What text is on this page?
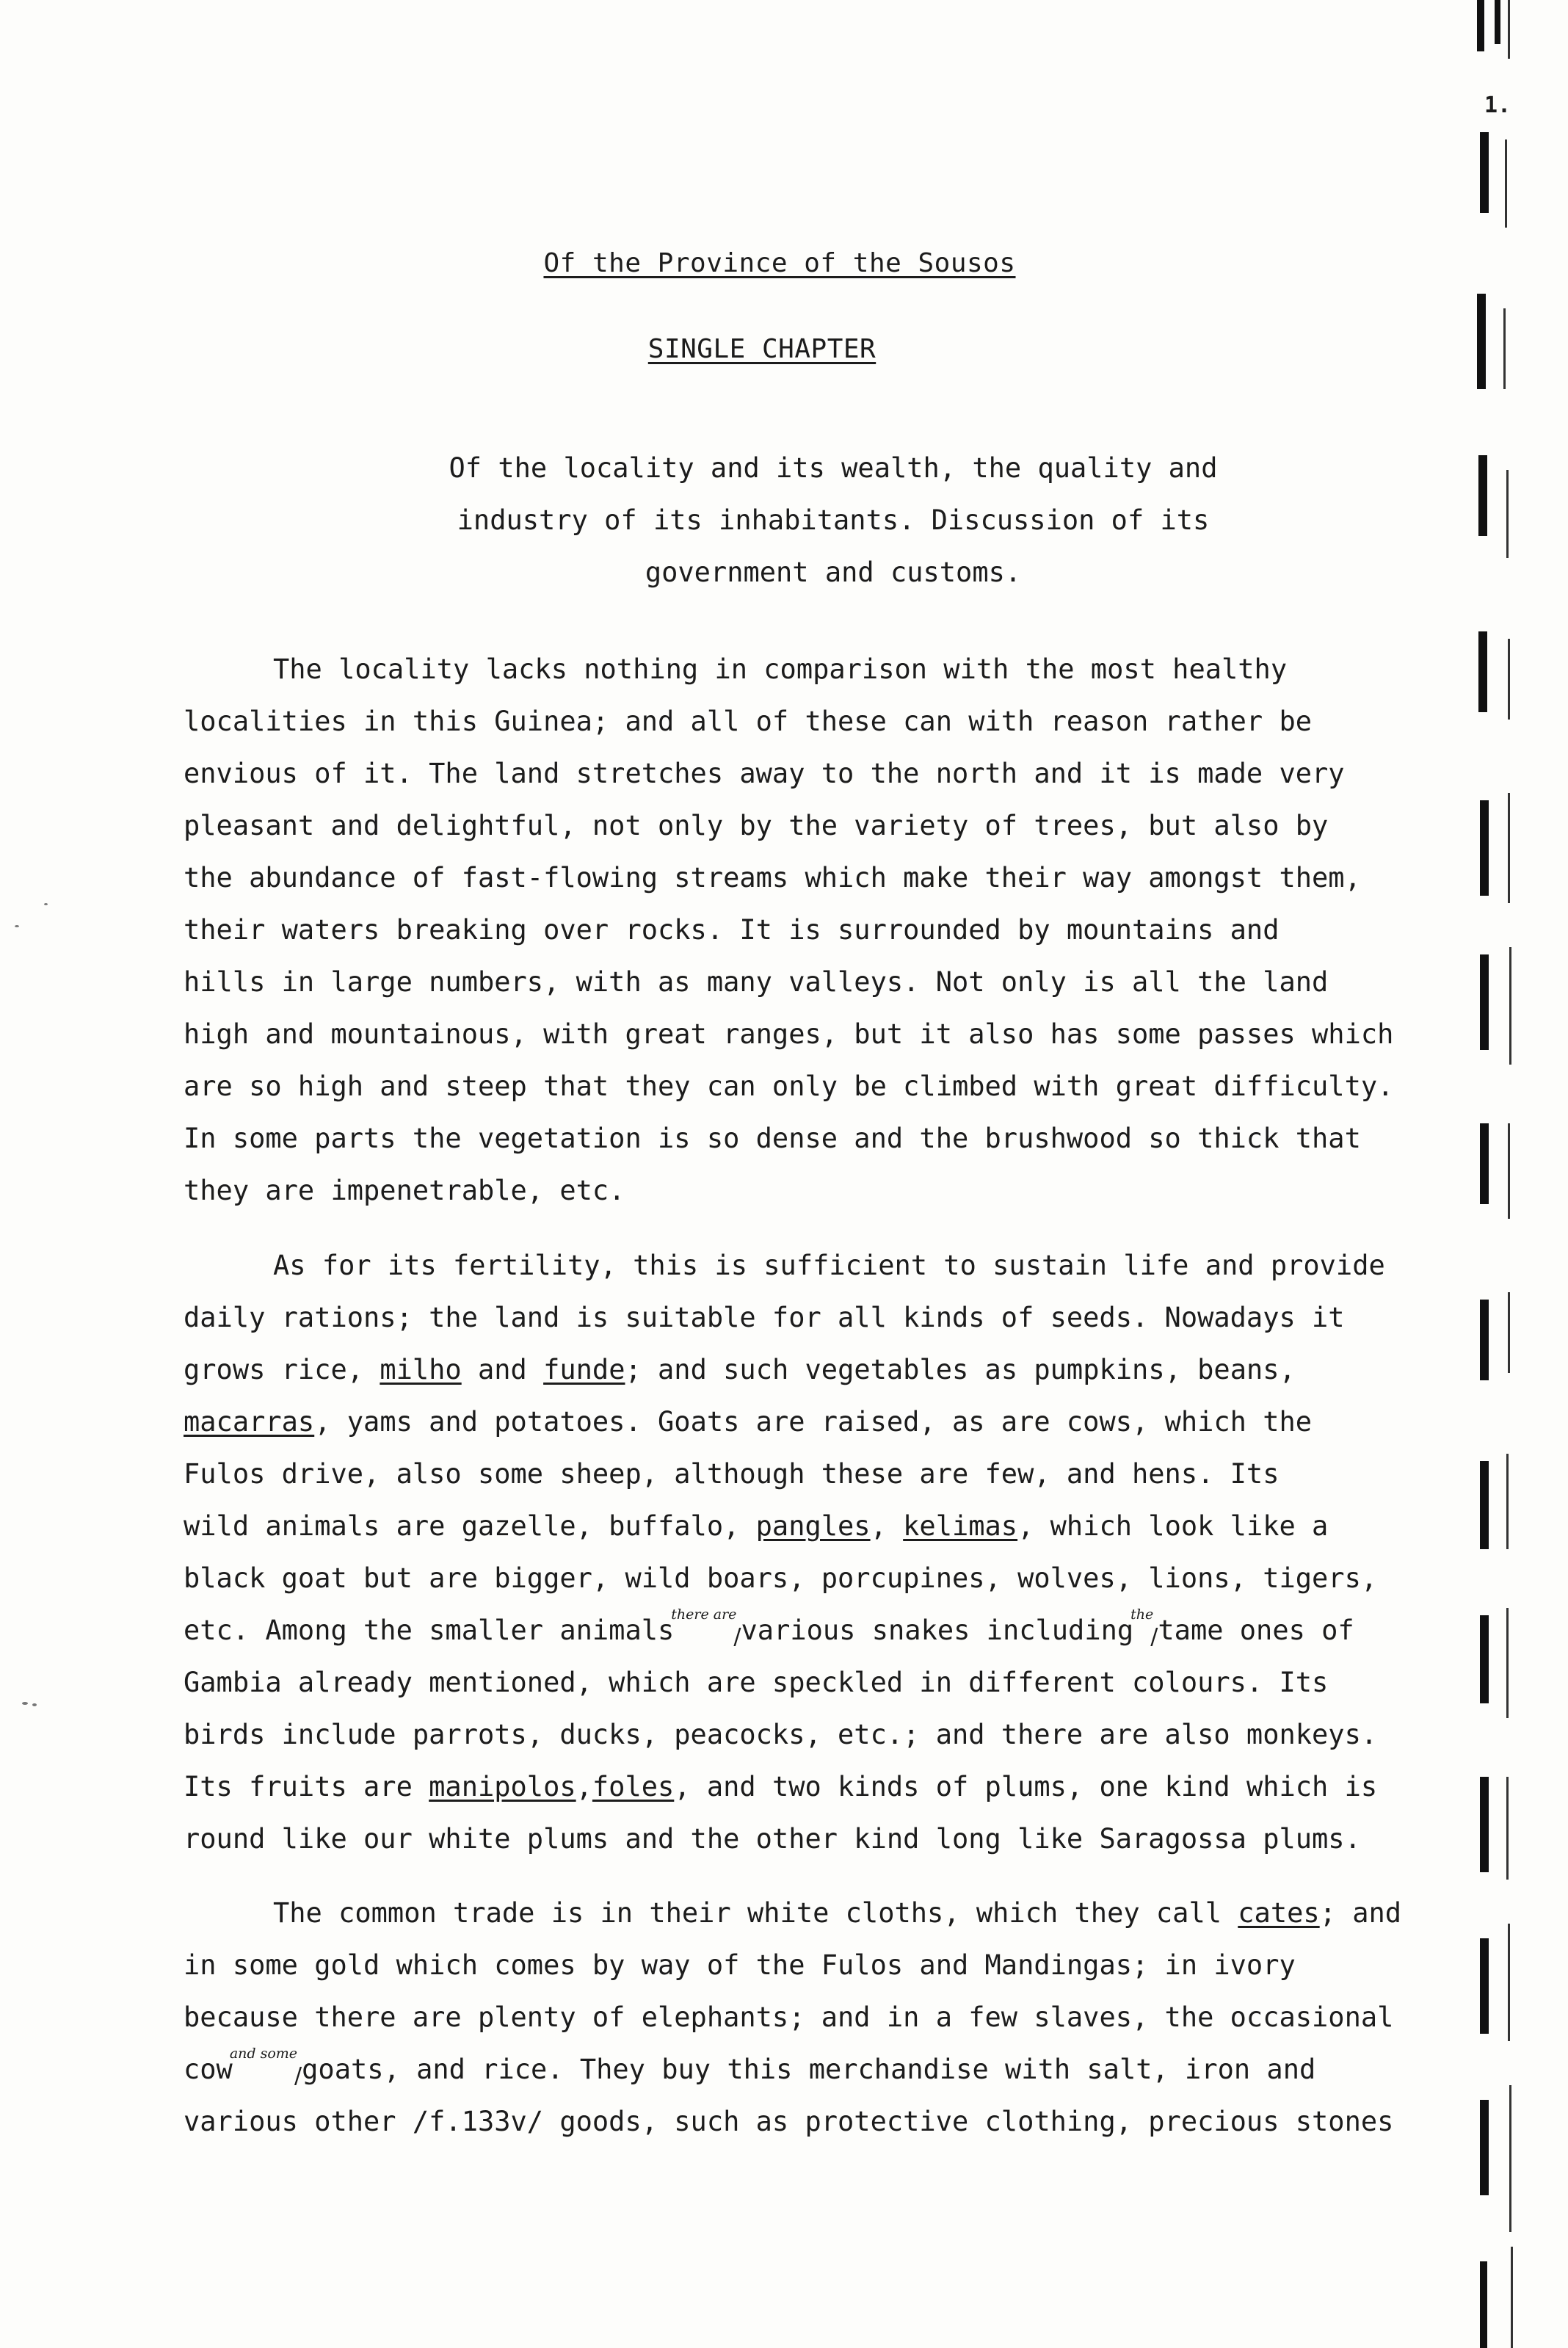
1.
Of the Province of the Sousos
SINGLE CHAPTER
Of the locality and its wealth, the quality and
industry of its inhabitants. Discussion of its
government and customs.
The locality lacks nothing in comparison with the most healthy
localities in this Guinea; and all of these can with reason rather be
envious of it. The land stretches away to the north and it is made very
pleasant and delightful, not only by the variety of trees, but also by
the abundance of fast-flowing streams which make their way amongst them,
their waters breaking over rocks. It is surrounded by mountains and
hills in large numbers, with as many valleys. Not only is all the land
high and mountainous, with great ranges, but it also has some passes which
are so high and steep that they can only be climbed with great difficulty.
In some parts the vegetation is so dense and the brushwood so thick that
they are impenetrable, etc.
As for its fertility, this is sufficient to sustain life and provide
daily rations; the land is suitable for all kinds of seeds. Nowadays it
grows rice, milho and funde; and such vegetables as pumpkins, beans,
macarras, yams and potatoes. Goats are raised, as are cows, which the
Fulos drive, also some sheep, although these are few, and hens. Its
wild animals are gazelle, buffalo, pangles, kelimas, which look like a
black goat but are bigger, wild boars, porcupines, wolves, lions, tigers,
etc. Among the smaller animals$^{there are}$/various snakes including$^{the}$/tame ones of
Gambia already mentioned, which are speckled in different colours. Its
birds include parrots, ducks, peacocks, etc.; and there are also monkeys.
Its fruits are manipolos,foles, and two kinds of plums, one kind which is
round like our white plums and the other kind long like Saragossa plums.
The common trade is in their white cloths, which they call cates; and
in some gold which comes by way of the Fulos and Mandingas; in ivory
because there are plenty of elephants; and in a few slaves, the occasional
cow$^{and some}$/goats, and rice. They buy this merchandise with salt, iron and
various other /f.133v/ goods, such as protective clothing, precious stones
